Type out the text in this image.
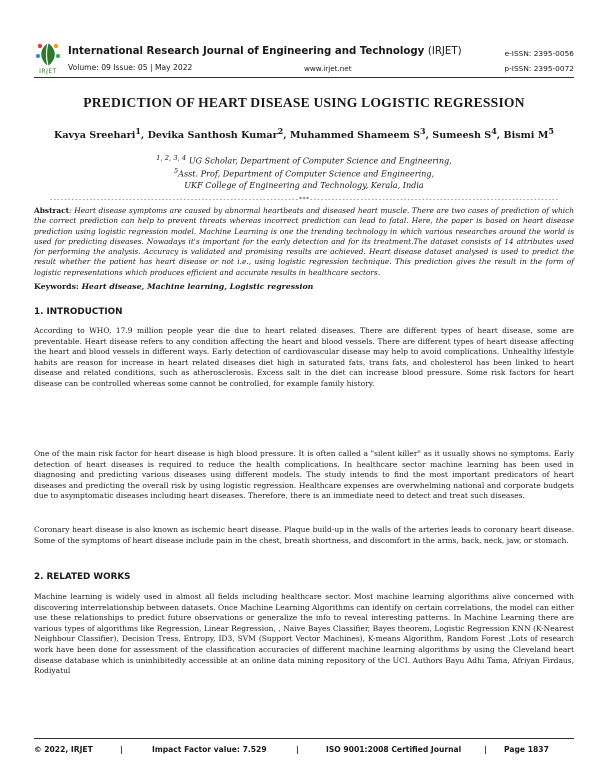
IRJET
International Research Journal of Engineering and Technology (IRJET)	e-ISSN: 2395-0056
Volume: 09 Issue: 05 | May 2022	www.irjet.net	p-ISSN: 2395-0072
PREDICTION OF HEART DISEASE USING LOGISTIC REGRESSION
Kavya Sreehari$^1$, Devika Santhosh Kumar$^2$, Muhammed Shameem $S^3$, Sumeesh $S^4$, Bismi $M^5$
$^{1, 2, 3, 4}$ UG Scholar, Department of Computer Science and Engineering,
$^5$Asst. Prof, Department of Computer Science and Engineering,
UKF College of Engineering and Technology, Kerala, India
---------------------------------------------------------------------***---------------------------------------------------------------------
Abstract: Heart disease symptoms are caused by abnormal heartbeats and diseased heart muscle. There are two cases of prediction of which the correct prediction can help to prevent threats whereas incorrect prediction can lead to fatal. Here, the paper is based on heart disease prediction using logistic regression model. Machine Learning is one the trending technology in which various researches around the world is used for predicting diseases. Nowadays it's important for the early detection and for its treatment.The dataset consists of 14 attributes used for performing the analysis. Accuracy is validated and promising results are achieved. Heart disease dataset analysed is used to predict the result whether the patient has heart disease or not i.e., using logistic regression technique. This prediction gives the result in the form of logistic representations which produces efficient and accurate results in healthcare sectors.
Keywords: Heart disease, Machine learning, Logistic regression
1. INTRODUCTION
According to WHO, 17.9 million people year die due to heart related diseases. There are different types of heart disease, some are preventable. Heart disease refers to any condition affecting the heart and blood vessels. There are different types of heart disease affecting the heart and blood vessels in different ways. Early detection of cardiovascular disease may help to avoid complications. Unhealthy lifestyle habits are reason for increase in heart related diseases diet high in saturated fats, trans fats, and cholesterol has been linked to heart disease and related conditions, such as atherosclerosis. Excess salt in the diet can increase blood pressure. Some risk factors for heart disease can be controlled whereas some cannot be controlled, for example family history.
One of the main risk factor for heart disease is high blood pressure. It is often called a "silent killer" as it usually shows no symptoms. Early detection of heart diseases is required to reduce the health complications. In healthcare sector machine learning has been used in diagnosing and predicting various diseases using different models. The study intends to find the most important predicators of heart diseases and predicting the overall risk by using logistic regression. Healthcare expenses are overwhelming national and corporate budgets due to asymptomatic diseases including heart diseases. Therefore, there is an immediate need to detect and treat such diseases.
Coronary heart disease is also known as ischemic heart disease. Plaque build-up in the walls of the arteries leads to coronary heart disease. Some of the symptoms of heart disease include pain in the chest, breath shortness, and discomfort in the arms, back, neck, jaw, or stomach.
2. RELATED WORKS
Machine learning is widely used in almost all fields including healthcare sector. Most machine learning algorithms alive concerned with discovering interrelationship between datasets. Once Machine Learning Algorithms can identify on certain correlations, the model can either use these relationships to predict future observations or generalize the info to reveal interesting patterns. In Machine Learning there are various types of algorithms like Regression, Linear Regression, , Naive Bayes Classifier, Bayes theorem, Logistic Regression KNN (K-Nearest Neighbour Classifier), Decision Tress, Entropy, ID3, SVM (Support Vector Machines), K-means Algorithm, Random Forest .Lots of research work have been done for assessment of the classification accuracies of different machine learning algorithms by using the Cleveland heart disease database which is uninhibitedly accessible at an online data mining repository of the UCI. Authors Bayu Adhi Tama, Afriyan Firdaus, Rodiyatul
© 2022, IRJET	|	Impact Factor value: 7.529	|	ISO 9001:2008 Certified Journal	| Page 1837
